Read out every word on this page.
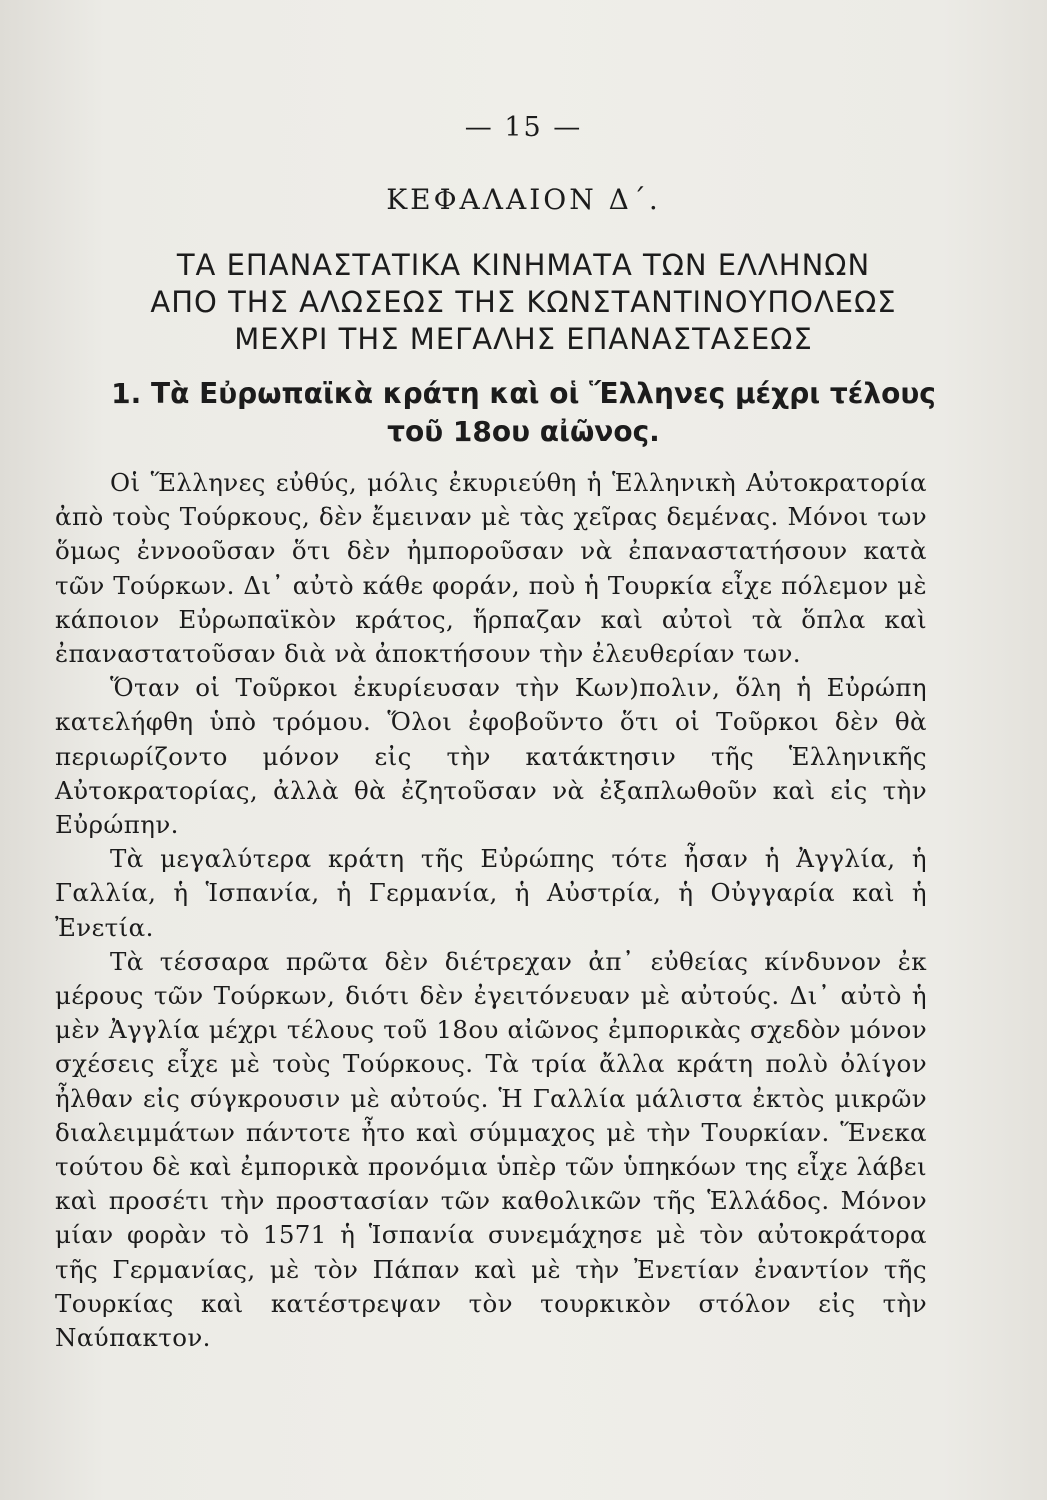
— 15 —
ΚΕΦΑΛΑΙΟΝ Δ΄.
ΤΑ ΕΠΑΝΑΣΤΑΤΙΚΑ ΚΙΝΗΜΑΤΑ ΤΩΝ ΕΛΛΗΝΩΝ
ΑΠΟ ΤΗΣ ΑΛΩΣΕΩΣ ΤΗΣ ΚΩΝΣΤΑΝΤΙΝΟΥΠΟΛΕΩΣ
ΜΕΧΡΙ ΤΗΣ ΜΕΓΑΛΗΣ ΕΠΑΝΑΣΤΑΣΕΩΣ
1. Τὰ Εὐρωπαϊκὰ κράτη καὶ οἱ Ἕλληνες μέχρι τέλους
τοῦ 18ου αἰῶνος.

Οἱ Ἕλληνες εὐθύς, μόλις ἐκυριεύθη ἡ Ἑλληνικὴ Αὐτοκρατορία ἀπὸ τοὺς Τούρκους, δὲν ἔμειναν μὲ τὰς χεῖρας δεμένας. Μόνοι των ὅμως ἐννοοῦσαν ὅτι δὲν ἠμποροῦσαν νὰ ἐπαναστατήσουν κατὰ τῶν Τούρκων. Δι᾿ αὐτὸ κάθε φοράν, ποὺ ἡ Τουρκία εἶχε πόλεμον μὲ κάποιον Εὐρωπαϊκὸν κράτος, ἥρπαζαν καὶ αὐτοὶ τὰ ὅπλα καὶ ἐπαναστατοῦσαν διὰ νὰ ἀποκτήσουν τὴν ἐλευθερίαν των.

Ὅταν οἱ Τοῦρκοι ἐκυρίευσαν τὴν Κων)πολιν, ὅλη ἡ Εὐρώπη κατελήφθη ὑπὸ τρόμου. Ὅλοι ἐφοβοῦντο ὅτι οἱ Τοῦρκοι δὲν θὰ περιωρίζοντο μόνον εἰς τὴν κατάκτησιν τῆς Ἑλληνικῆς Αὐτοκρατορίας, ἀλλὰ θὰ ἐζητοῦσαν νὰ ἐξαπλωθοῦν καὶ εἰς τὴν Εὐρώπην.

Τὰ μεγαλύτερα κράτη τῆς Εὐρώπης τότε ἦσαν ἡ Ἀγγλία, ἡ Γαλλία, ἡ Ἱσπανία, ἡ Γερμανία, ἡ Αὐστρία, ἡ Οὐγγαρία καὶ ἡ Ἐνετία.

Τὰ τέσσαρα πρῶτα δὲν διέτρεχαν ἀπ᾿ εὐθείας κίνδυνον ἐκ μέρους τῶν Τούρκων, διότι δὲν ἐγειτόνευαν μὲ αὐτούς. Δι᾿ αὐτὸ ἡ μὲν Ἀγγλία μέχρι τέλους τοῦ 18ου αἰῶνος ἐμπορικὰς σχεδὸν μόνον σχέσεις εἶχε μὲ τοὺς Τούρκους. Τὰ τρία ἄλλα κράτη πολὺ ὀλίγον ἦλθαν εἰς σύγκρουσιν μὲ αὐτούς. Ἡ Γαλλία μάλιστα ἐκτὸς μικρῶν διαλειμμάτων πάντοτε ἦτο καὶ σύμμαχος μὲ τὴν Τουρκίαν. Ἕνεκα τούτου δὲ καὶ ἐμπορικὰ προνόμια ὑπὲρ τῶν ὑπηκόων της εἶχε λάβει καὶ προσέτι τὴν προστασίαν τῶν καθολικῶν τῆς Ἑλλάδος. Μόνον μίαν φορὰν τὸ 1571 ἡ Ἱσπανία συνεμάχησε μὲ τὸν αὐτοκράτορα τῆς Γερμανίας, μὲ τὸν Πάπαν καὶ μὲ τὴν Ἐνετίαν ἐναντίον τῆς Τουρκίας καὶ κατέστρεψαν τὸν τουρκικὸν στόλον εἰς τὴν Ναύπακτον.
